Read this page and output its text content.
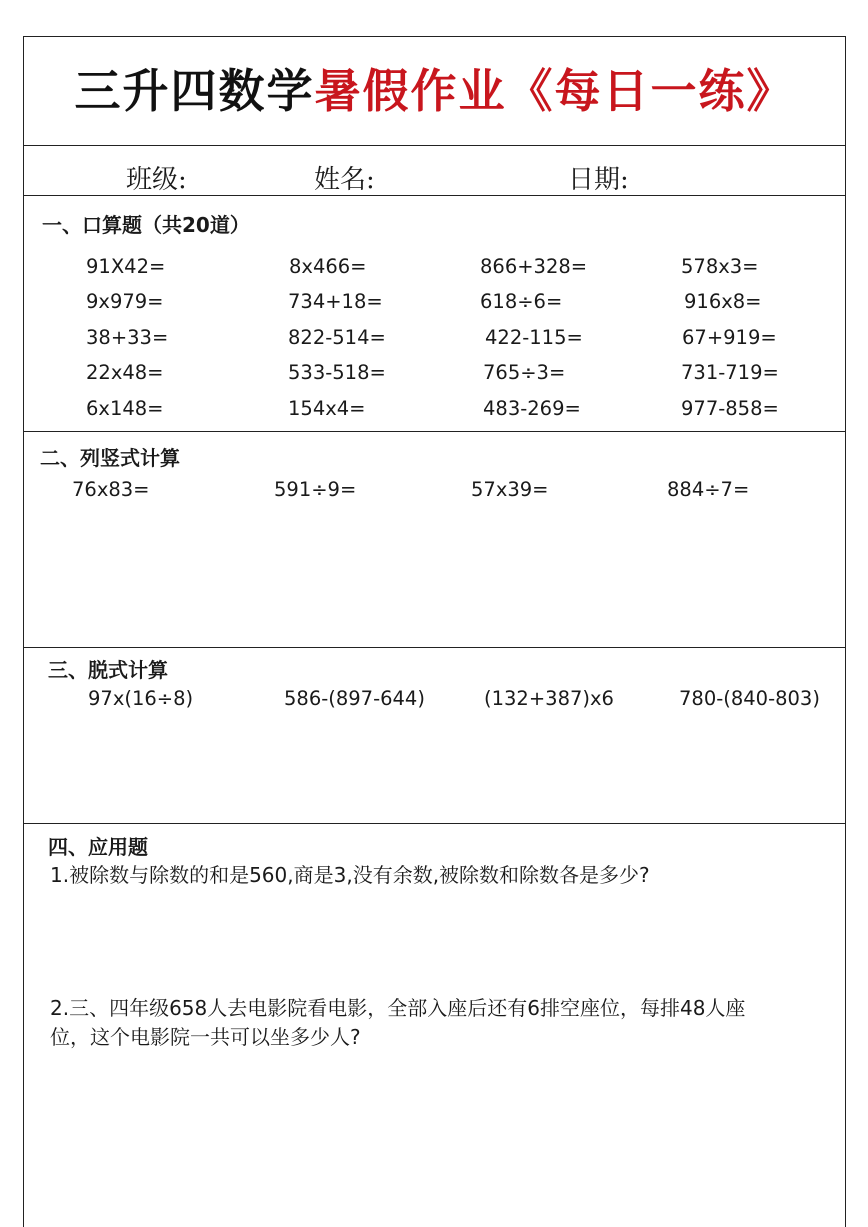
三升四数学暑假作业《每日一练》
班级:	姓名:	日期:
一、口算题（共20道）
91X42=	8x466=	866+328=	578x3=
9x979=	734+18=	618÷6=	916x8=
38+33=	822-514=	422-115=	67+919=
22x48=	533-518=	765÷3=	731-719=
6x148=	154x4=	483-269=	977-858=
二、列竖式计算
76x83=	591÷9=	57x39=	884÷7=
三、脱式计算
97x(16÷8)	586-(897-644)	(132+387)x6	780-(840-803)
四、应用题
1.被除数与除数的和是560,商是3,没有余数,被除数和除数各是多少?
2.三、四年级658人去电影院看电影，全部入座后还有6排空座位，每排48人座
位，这个电影院一共可以坐多少人?
